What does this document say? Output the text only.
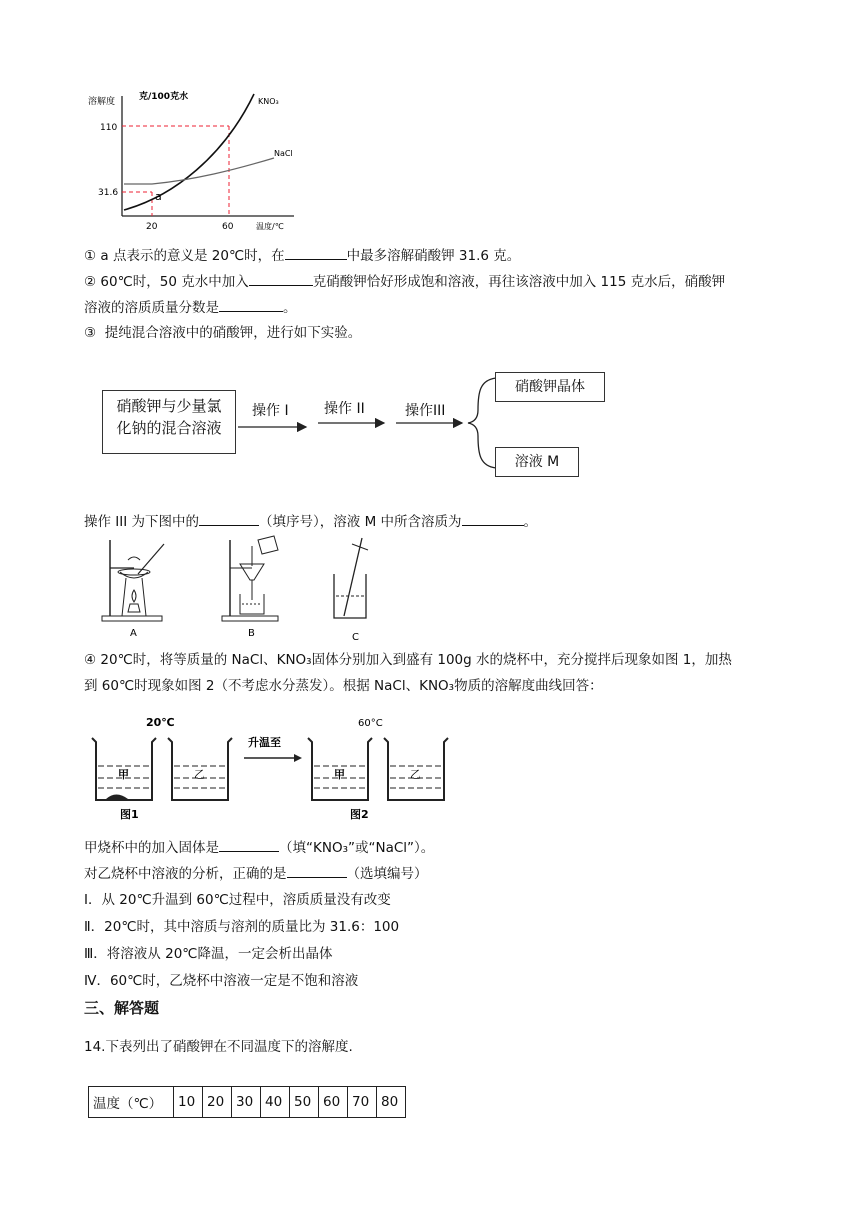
溶解度	克/100克水	KNO₃
NaCl
110
31.6
20	60	温度/℃
a
① a 点表示的意义是 20℃时，在	中最多溶解硝酸钾 31.6 克。
② 60℃时，50 克水中加入	克硝酸钾恰好形成饱和溶液，再往该溶液中加入 115 克水后，硝酸钾
溶液的溶质质量分数是	。
③ 提纯混合溶液中的硝酸钾，进行如下实验。
硝酸钾与少量氯
化钠的混合溶液
操作 I	操作 II	操作III
硝酸钾晶体
溶液 M
操作 III 为下图中的	（填序号），溶液 M 中所含溶质为	。
A	B	C
④ 20℃时，将等质量的 NaCl、KNO₃固体分别加入到盛有 100g 水的烧杯中，充分搅拌后现象如图 1，加热
到 60℃时现象如图 2（不考虑水分蒸发）。根据 NaCl、KNO₃物质的溶解度曲线回答：
20℃	60°C
甲	乙
升温至
甲	乙
图1	图2
甲烧杯中的加入固体是	（填“KNO₃”或“NaCl”）。
对乙烧杯中溶液的分析，正确的是	（选填编号）
Ⅰ．从 20℃升温到 60℃过程中，溶质质量没有改变
Ⅱ．20℃时，其中溶质与溶剂的质量比为 31.6：100
Ⅲ．将溶液从 20℃降温，一定会析出晶体
Ⅳ．60℃时，乙烧杯中溶液一定是不饱和溶液
三、解答题
14.下表列出了硝酸钾在不同温度下的溶解度.
温度（℃）	10	20	30	40	50	60	70	80
